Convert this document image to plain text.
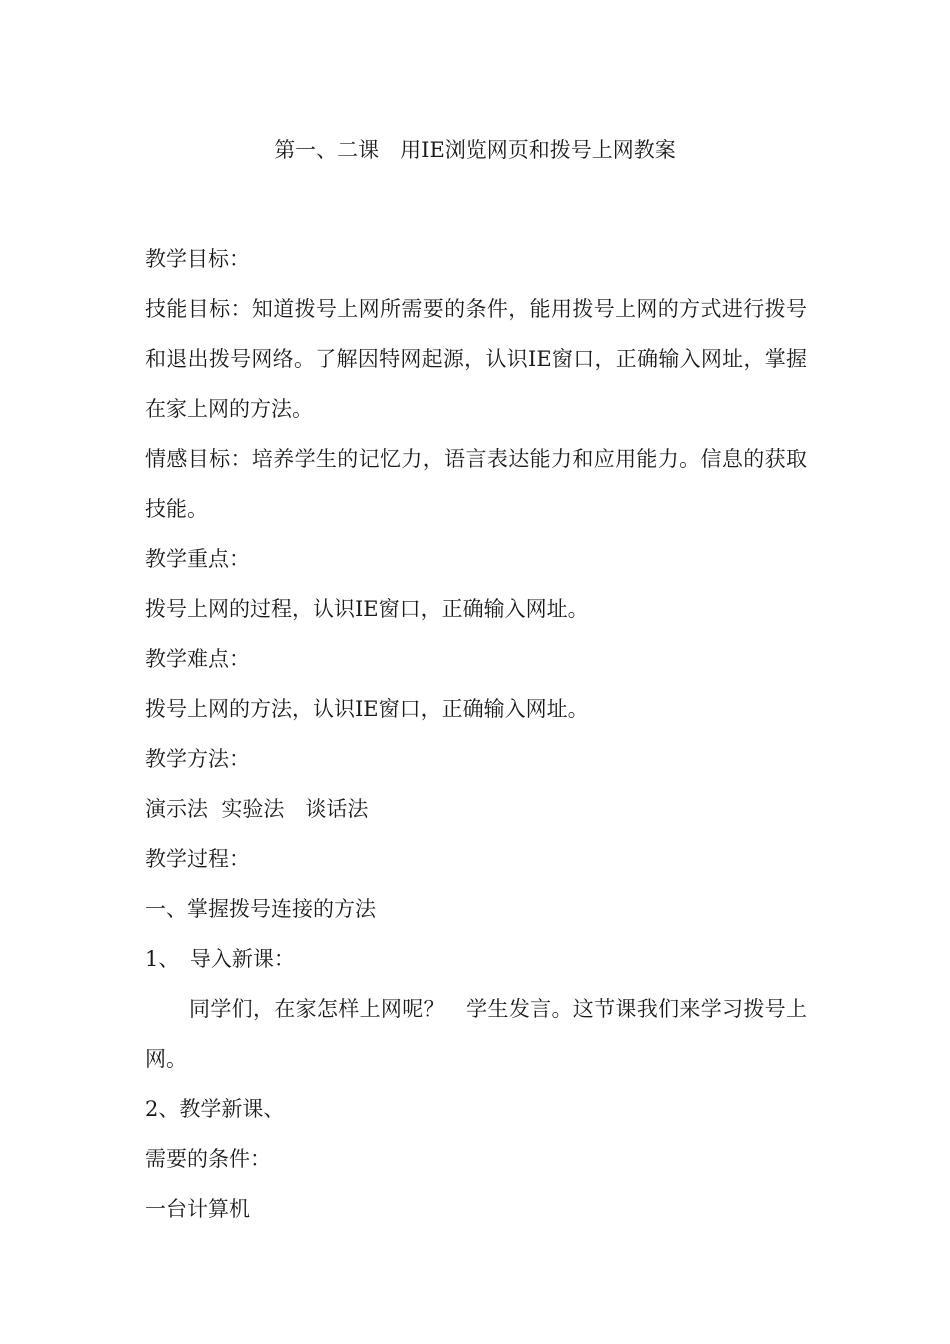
第一、二课　用IE浏览网页和拨号上网教案

教学目标：

技能目标：知道拨号上网所需要的条件，能用拨号上网的方式进行拨号和退出拨号网络。了解因特网起源，认识IE窗口，正确输入网址，掌握在家上网的方法。

情感目标：培养学生的记忆力，语言表达能力和应用能力。信息的获取技能。

教学重点：

拨号上网的过程，认识IE窗口，正确输入网址。

教学难点：

拨号上网的方法，认识IE窗口，正确输入网址。

教学方法：

演示法  实验法　谈话法

教学过程：

一、掌握拨号连接的方法

1、　导入新课：

同学们，在家怎样上网呢？　学生发言。这节课我们来学习拨号上网。

2、教学新课、

需要的条件：

一台计算机
